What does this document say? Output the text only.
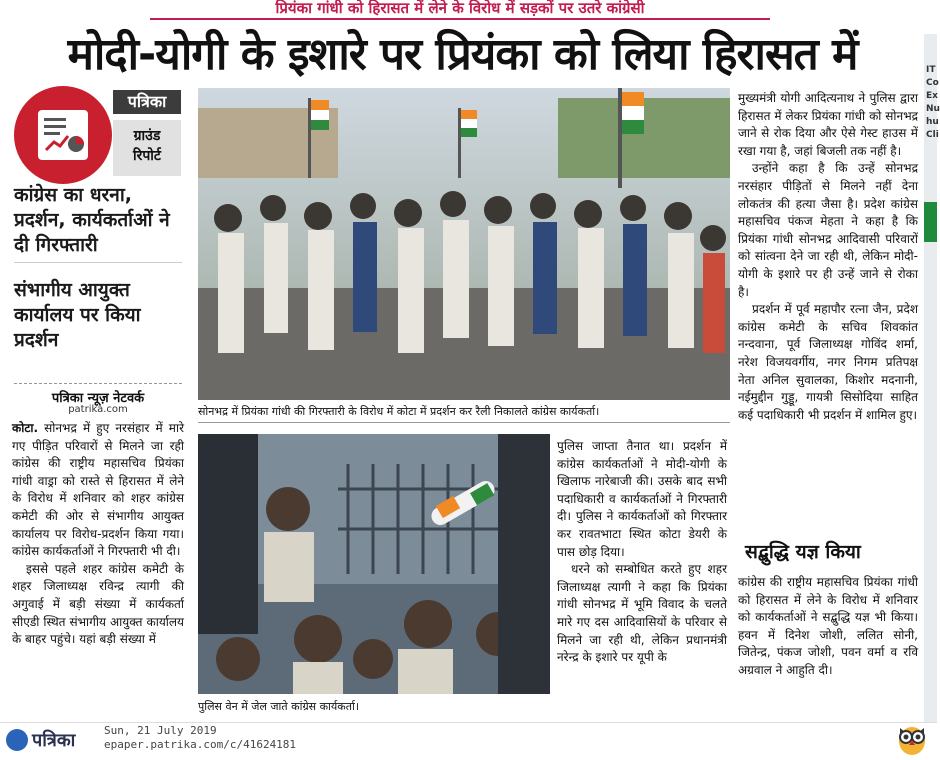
प्रियंका गांधी को हिरासत में लेने के विरोध में सड़कों पर उतरे कांग्रेसी
मोदी-योगी के इशारे पर प्रियंका को लिया हिरासत में	IT
Co
Ex
Nu
hu
Cli
पत्रिका
ग्राउंड
रिपोर्ट
कांग्रेस का धरना, प्रदर्शन, कार्यकर्ताओं ने दी गिरफ्तारी
संभागीय आयुक्त कार्यालय पर किया प्रदर्शन
पत्रिका न्यूज़ नेटवर्क
patrika.com

कोटा. सोनभद्र में हुए नरसंहार में मारे गए पीड़ित परिवारों से मिलने जा रही कांग्रेस की राष्ट्रीय महासचिव प्रियंका गांधी वाड्रा को रास्ते से हिरासत में लेने के विरोध में शनिवार को शहर कांग्रेस कमेटी की ओर से संभागीय आयुक्त कार्यालय पर विरोध-प्रदर्शन किया गया। कांग्रेस कार्यकर्ताओं ने गिरफ्तारी भी दी।

इससे पहले शहर कांग्रेस कमेटी के शहर जिलाध्यक्ष रविन्द्र त्यागी की अगुवाई में बड़ी संख्या में कार्यकर्ता सीएडी स्थित संभागीय आयुक्त कार्यालय के बाहर पहुंचे। यहां बड़ी संख्या में

सोनभद्र में प्रियंका गांधी की गिरफ्तारी के विरोध में कोटा में प्रदर्शन कर रैली निकालते कांग्रेस कार्यकर्ता।
पुलिस वेन में जेल जाते कांग्रेस कार्यकर्ता।

पुलिस जाप्ता तैनात था। प्रदर्शन में कांग्रेस कार्यकर्ताओं ने मोदी-योगी के खिलाफ नारेबाजी की। उसके बाद सभी पदाधिकारी व कार्यकर्ताओं ने गिरफ्तारी दी। पुलिस ने कार्यकर्ताओं को गिरफ्तार कर रावतभाटा स्थित कोटा डेयरी के पास छोड़ दिया।

धरने को सम्बोधित करते हुए शहर जिलाध्यक्ष त्यागी ने कहा कि प्रियंका गांधी सोनभद्र में भूमि विवाद के चलते मारे गए दस आदिवासियों के परिवार से मिलने जा रही थी, लेकिन प्रधानमंत्री नरेन्द्र के इशारे पर यूपी के

मुख्यमंत्री योगी आदित्यनाथ ने पुलिस द्वारा हिरासत में लेकर प्रियंका गांधी को सोनभद्र जाने से रोक दिया और ऐसे गेस्ट हाउस में रखा गया है, जहां बिजली तक नहीं है।

उन्होंने कहा है कि उन्हें सोनभद्र नरसंहार पीड़ितों से मिलने नहीं देना लोकतंत्र की हत्या जैसा है। प्रदेश कांग्रेस महासचिव पंकज मेहता ने कहा है कि प्रियंका गांधी सोनभद्र आदिवासी परिवारों को सांत्वना देने जा रही थी, लेकिन मोदी-योगी के इशारे पर ही उन्हें जाने से रोका है।

प्रदर्शन में पूर्व महापौर रत्ना जैन, प्रदेश कांग्रेस कमेटी के सचिव शिवकांत नन्दवाना, पूर्व जिलाध्यक्ष गोविंद शर्मा, नरेश विजयवर्गीय, नगर निगम प्रतिपक्ष नेता अनिल सुवालका, किशोर मदनानी, नईमुद्दीन गुड्डू, गायत्री सिसोदिया साहित कई पदाधिकारी भी प्रदर्शन में शामिल हुए।

सद्बुद्धि यज्ञ किया

कांग्रेस की राष्ट्रीय महासचिव प्रियंका गांधी को हिरासत में लेने के विरोध में शनिवार को कार्यकर्ताओं ने सद्बुद्धि यज्ञ भी किया। हवन में दिनेश जोशी, ललित सोनी, जितेन्द्र, पंकज जोशी, पवन वर्मा व रवि अग्रवाल ने आहुति दी।

पत्रिका	Sun, 21 July 2019
epaper.patrika.com/c/41624181
